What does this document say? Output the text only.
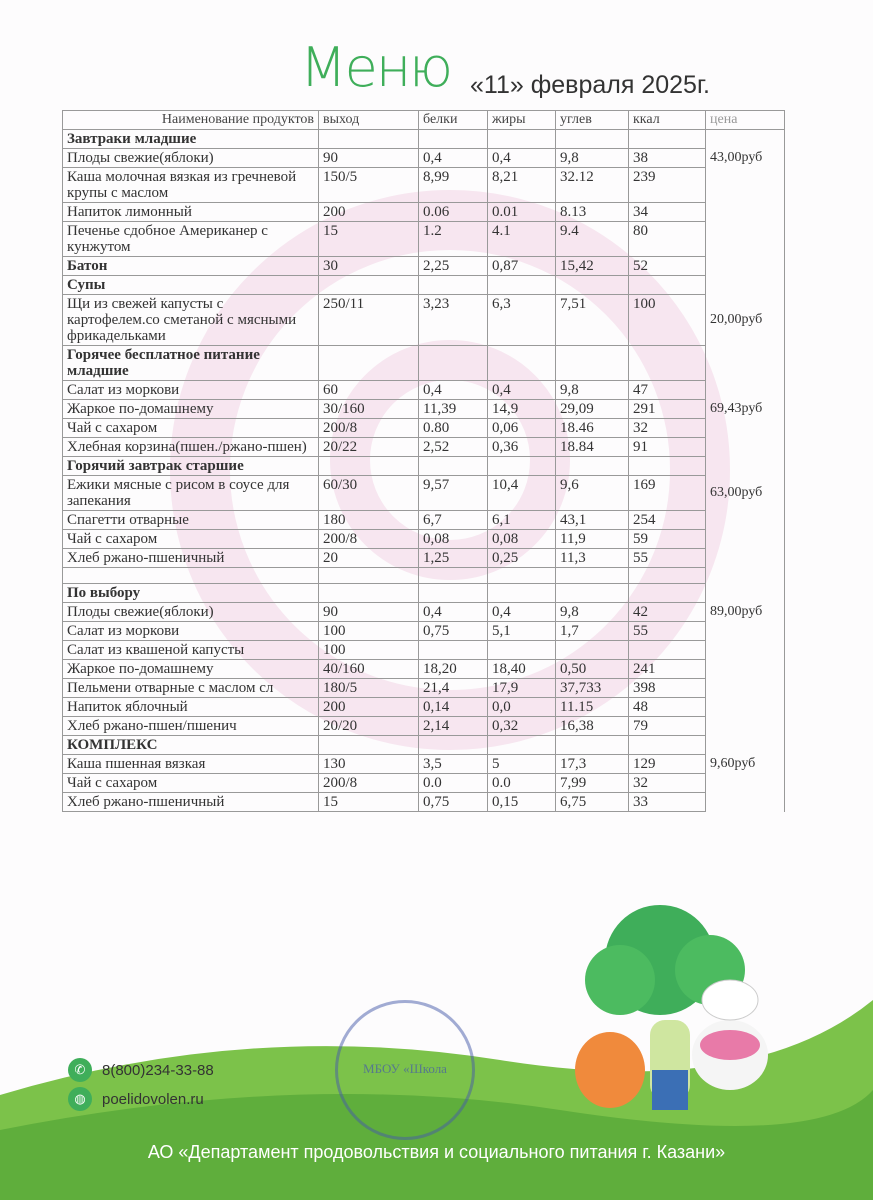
Меню «11» февраля 2025г.
Наименование продуктов	выход	белки	жиры	углев	ккал	цена
Завтраки младшие						
Плоды свежие(яблоки)	90	0,4	0,4	9,8	38	43,00руб
Каша молочная вязкая из гречневой крупы с маслом	150/5	8,99	8,21	32.12	239	
Напиток лимонный	200	0.06	0.01	8.13	34	
Печенье сдобное Американер с кунжутом	15	1.2	4.1	9.4	80	
Батон	30	2,25	0,87	15,42	52	
Супы						
Щи из свежей капусты с картофелем.со сметаной с мясными фрикадельками	250/11	3,23	6,3	7,51	100	20,00руб
Горячее бесплатное питание младшие						
Салат из моркови	60	0,4	0,4	9,8	47	
Жаркое по-домашнему	30/160	11,39	14,9	29,09	291	69,43руб
Чай с сахаром	200/8	0.80	0,06	18.46	32	
Хлебная корзина(пшен./ржано-пшен)	20/22	2,52	0,36	18.84	91	
Горячий завтрак старшие						
Ежики мясные с рисом в соусе для запекания	60/30	9,57	10,4	9,6	169	63,00руб
Спагетти отварные	180	6,7	6,1	43,1	254	
Чай с сахаром	200/8	0,08	0,08	11,9	59	
Хлеб ржано-пшеничный	20	1,25	0,25	11,3	55	

По выбору						
Плоды свежие(яблоки)	90	0,4	0,4	9,8	42	89,00руб
Салат из моркови	100	0,75	5,1	1,7	55	
Салат из квашеной капусты	100					
Жаркое по-домашнему	40/160	18,20	18,40	0,50	241	
Пельмени отварные с маслом сл	180/5	21,4	17,9	37,733	398	
Напиток яблочный	200	0,14	0,0	11.15	48	
Хлеб ржано-пшен/пшенич	20/20	2,14	0,32	16,38	79	
КОМПЛЕКС						
Каша пшенная вязкая	130	3,5	5	17,3	129	9,60руб
Чай с сахаром	200/8	0.0	0.0	7,99	32	
Хлеб ржано-пшеничный	15	0,75	0,15	6,75	33	
МБОУ «Школа
✆	8(800)234-33-88
◍	poelidovolen.ru
АО «Департамент продовольствия и социального питания г. Казани»
